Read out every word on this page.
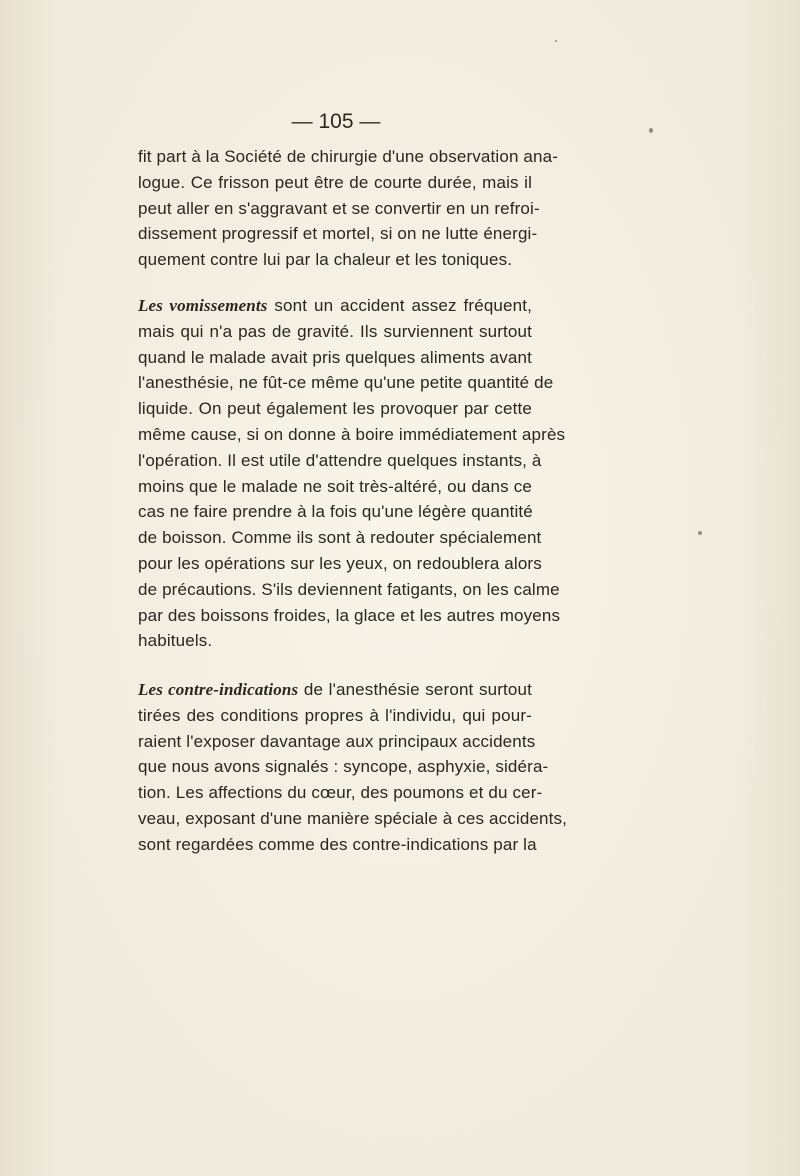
— 105 —
fit part à la Société de chirurgie d'une observation ana-
logue. Ce frisson peut être de courte durée, mais il
peut aller en s'aggravant et se convertir en un refroi-
dissement progressif et mortel, si on ne lutte énergi-
quement contre lui par la chaleur et les toniques.
Les vomissements sont un accident assez fréquent,
mais qui n'a pas de gravité. Ils surviennent surtout
quand le malade avait pris quelques aliments avant
l'anesthésie, ne fût-ce même qu'une petite quantité de
liquide. On peut également les provoquer par cette
même cause, si on donne à boire immédiatement après
l'opération. Il est utile d'attendre quelques instants, à
moins que le malade ne soit très-altéré, ou dans ce
cas ne faire prendre à la fois qu'une légère quantité
de boisson. Comme ils sont à redouter spécialement
pour les opérations sur les yeux, on redoublera alors
de précautions. S'ils deviennent fatigants, on les calme
par des boissons froides, la glace et les autres moyens
habituels.
Les contre-indications de l'anesthésie seront surtout
tirées des conditions propres à l'individu, qui pour-
raient l'exposer davantage aux principaux accidents
que nous avons signalés : syncope, asphyxie, sidéra-
tion. Les affections du cœur, des poumons et du cer-
veau, exposant d'une manière spéciale à ces accidents,
sont regardées comme des contre-indications par la
